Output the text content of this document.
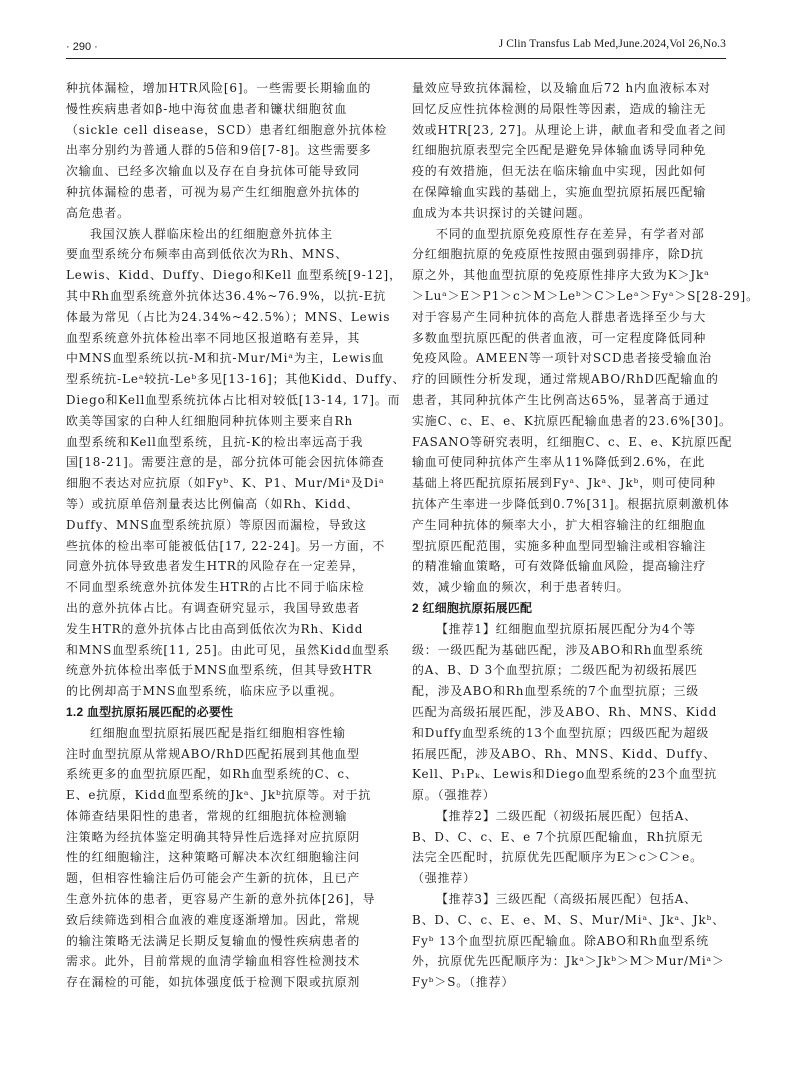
· 290 ·	J Clin Transfus Lab Med,June.2024,Vol 26,No.3
种抗体漏检，增加HTR风险[6]。一些需要长期输血的
慢性疾病患者如β-地中海贫血患者和镰状细胞贫血
（sickle cell disease，SCD）患者红细胞意外抗体检
出率分别约为普通人群的5倍和9倍[7-8]。这些需要多
次输血、已经多次输血以及存在自身抗体可能导致同
种抗体漏检的患者，可视为易产生红细胞意外抗体的
高危患者。
我国汉族人群临床检出的红细胞意外抗体主
要血型系统分布频率由高到低依次为Rh、MNS、
Lewis、Kidd、Duffy、Diego和Kell 血型系统[9-12]，
其中Rh血型系统意外抗体达36.4%~76.9%，以抗-E抗
体最为常见（占比为24.34%~42.5%）；MNS、Lewis
血型系统意外抗体检出率不同地区报道略有差异，其
中MNS血型系统以抗-M和抗-Mur/Miᵃ为主，Lewis血
型系统抗-Leᵃ较抗-Leᵇ多见[13-16]；其他Kidd、Duffy、
Diego和Kell血型系统抗体占比相对较低[13-14, 17]。而
欧美等国家的白种人红细胞同种抗体则主要来自Rh
血型系统和Kell血型系统，且抗-K的检出率远高于我
国[18-21]。需要注意的是，部分抗体可能会因抗体筛查
细胞不表达对应抗原（如Fyᵇ、K、P1、Mur/Miᵃ及Diᵃ
等）或抗原单倍剂量表达比例偏高（如Rh、Kidd、
Duffy、MNS血型系统抗原）等原因而漏检，导致这
些抗体的检出率可能被低估[17, 22-24]。另一方面，不
同意外抗体导致患者发生HTR的风险存在一定差异，
不同血型系统意外抗体发生HTR的占比不同于临床检
出的意外抗体占比。有调查研究显示，我国导致患者
发生HTR的意外抗体占比由高到低依次为Rh、Kidd
和MNS血型系统[11, 25]。由此可见，虽然Kidd血型系
统意外抗体检出率低于MNS血型系统，但其导致HTR
的比例却高于MNS血型系统，临床应予以重视。
1.2 血型抗原拓展匹配的必要性
红细胞血型抗原拓展匹配是指红细胞相容性输
注时血型抗原从常规ABO/RhD匹配拓展到其他血型
系统更多的血型抗原匹配，如Rh血型系统的C、c、
E、e抗原，Kidd血型系统的Jkᵃ、Jkᵇ抗原等。对于抗
体筛查结果阳性的患者，常规的红细胞抗体检测输
注策略为经抗体鉴定明确其特异性后选择对应抗原阴
性的红细胞输注，这种策略可解决本次红细胞输注问
题，但相容性输注后仍可能会产生新的抗体，且已产
生意外抗体的患者，更容易产生新的意外抗体[26]，导
致后续筛选到相合血液的难度逐渐增加。因此，常规
的输注策略无法满足长期反复输血的慢性疾病患者的
需求。此外，目前常规的血清学输血相容性检测技术
存在漏检的可能，如抗体强度低于检测下限或抗原剂
量效应导致抗体漏检，以及输血后72 h内血液标本对
回忆反应性抗体检测的局限性等因素，造成的输注无
效或HTR[23, 27]。从理论上讲，献血者和受血者之间
红细胞抗原表型完全匹配是避免异体输血诱导同种免
疫的有效措施，但无法在临床输血中实现，因此如何
在保障输血实践的基础上，实施血型抗原拓展匹配输
血成为本共识探讨的关键问题。
不同的血型抗原免疫原性存在差异，有学者对部
分红细胞抗原的免疫原性按照由强到弱排序，除D抗
原之外，其他血型抗原的免疫原性排序大致为K＞Jkᵃ
＞Luᵃ＞E＞P1＞c＞M＞Leᵇ＞C＞Leᵃ＞Fyᵃ＞S[28-29]。
对于容易产生同种抗体的高危人群患者选择至少与大
多数血型抗原匹配的供者血液，可一定程度降低同种
免疫风险。AMEEN等一项针对SCD患者接受输血治
疗的回顾性分析发现，通过常规ABO/RhD匹配输血的
患者，其同种抗体产生比例高达65%，显著高于通过
实施C、c、E、e、K抗原匹配输血患者的23.6%[30]。
FASANO等研究表明，红细胞C、c、E、e、K抗原匹配
输血可使同种抗体产生率从11%降低到2.6%，在此
基础上将匹配抗原拓展到Fyᵃ、Jkᵃ、Jkᵇ，则可使同种
抗体产生率进一步降低到0.7%[31]。根据抗原刺激机体
产生同种抗体的频率大小，扩大相容输注的红细胞血
型抗原匹配范围，实施多种血型同型输注或相容输注
的精准输血策略，可有效降低输血风险，提高输注疗
效，减少输血的频次，利于患者转归。
2 红细胞抗原拓展匹配
【推荐1】红细胞血型抗原拓展匹配分为4个等
级：一级匹配为基础匹配，涉及ABO和Rh血型系统
的A、B、D 3个血型抗原；二级匹配为初级拓展匹
配，涉及ABO和Rh血型系统的7个血型抗原；三级
匹配为高级拓展匹配，涉及ABO、Rh、MNS、Kidd
和Duffy血型系统的13个血型抗原；四级匹配为超级
拓展匹配，涉及ABO、Rh、MNS、Kidd、Duffy、
Kell、P₁Pₖ、Lewis和Diego血型系统的23个血型抗
原。（强推荐）
【推荐2】二级匹配（初级拓展匹配）包括A、
B、D、C、c、E、e 7个抗原匹配输血，Rh抗原无
法完全匹配时，抗原优先匹配顺序为E＞c＞C＞e。
（强推荐）
【推荐3】三级匹配（高级拓展匹配）包括A、
B、D、C、c、E、e、M、S、Mur/Miᵃ、Jkᵃ、Jkᵇ、
Fyᵇ 13个血型抗原匹配输血。除ABO和Rh血型系统
外，抗原优先匹配顺序为：Jkᵃ＞Jkᵇ＞M＞Mur/Miᵃ＞
Fyᵇ＞S。（推荐）
